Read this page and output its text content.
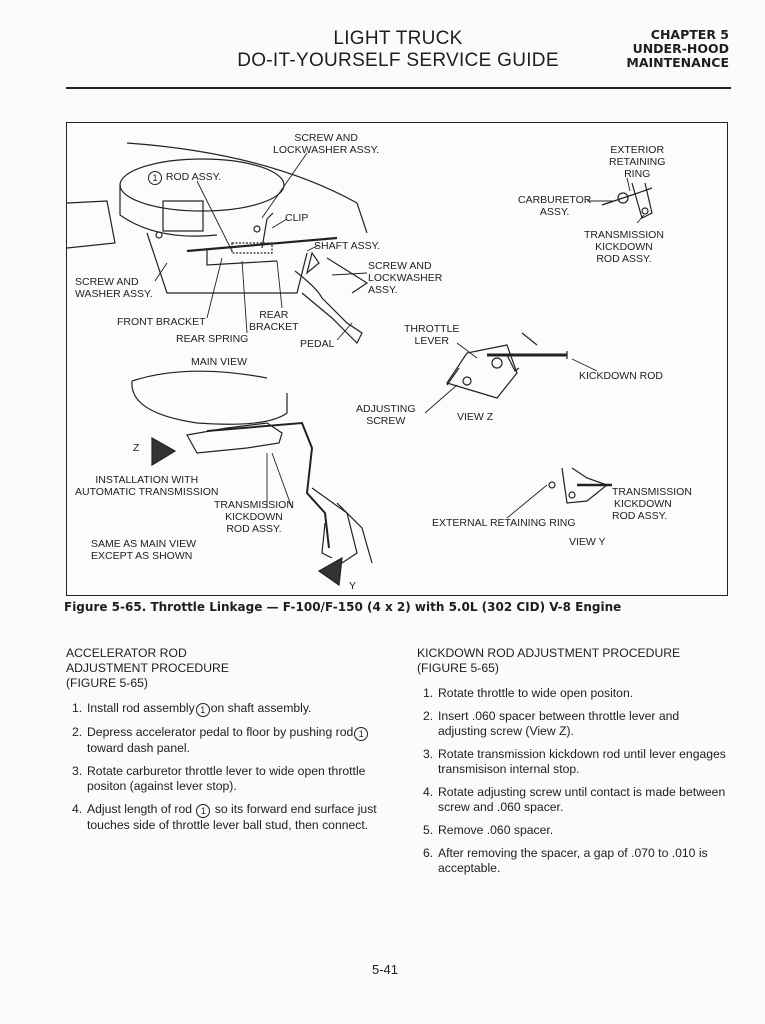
LIGHT TRUCK
DO-IT-YOURSELF SERVICE GUIDE
CHAPTER 5
UNDER-HOOD
MAINTENANCE
SCREW AND
LOCKWASHER ASSY.
1 ROD ASSY.
CLIP
SHAFT ASSY.
SCREW AND
LOCKWASHER
ASSY.
SCREW AND
WASHER ASSY.
FRONT BRACKET
REAR
BRACKET
REAR SPRING	PEDAL
MAIN VIEW
EXTERIOR
RETAINING
RING
CARBURETOR
ASSY.
TRANSMISSION
KICKDOWN
ROD ASSY.
THROTTLE
LEVER
KICKDOWN ROD
ADJUSTING
SCREW	VIEW Z
Z
INSTALLATION WITH
AUTOMATIC TRANSMISSION
TRANSMISSION
KICKDOWN
ROD ASSY.
SAME AS MAIN VIEW
EXCEPT AS SHOWN
Y
TRANSMISSION
KICKDOWN
ROD ASSY.
EXTERNAL RETAINING RING
VIEW Y
Figure 5-65. Throttle Linkage — F-100/F-150 (4 x 2) with 5.0L (302 CID) V-8 Engine
ACCELERATOR ROD
ADJUSTMENT PROCEDURE
(FIGURE 5-65)
1. Install rod assembly 1 on shaft assembly.
2. Depress accelerator pedal to floor by pushing rod 1toward dash panel.
3. Rotate carburetor throttle lever to wide open throttle positon (against lever stop).
4. Adjust length of rod 1 so its forward end surface just touches side of throttle lever ball stud, then connect.
KICKDOWN ROD ADJUSTMENT PROCEDURE
(FIGURE 5-65)
1. Rotate throttle to wide open positon.
2. Insert .060 spacer between throttle lever and adjusting screw (View Z).
3. Rotate transmission kickdown rod until lever engages transmisison internal stop.
4. Rotate adjusting screw until contact is made between screw and .060 spacer.
5. Remove .060 spacer.
6. After removing the spacer, a gap of .070 to .010 is acceptable.
5-41
